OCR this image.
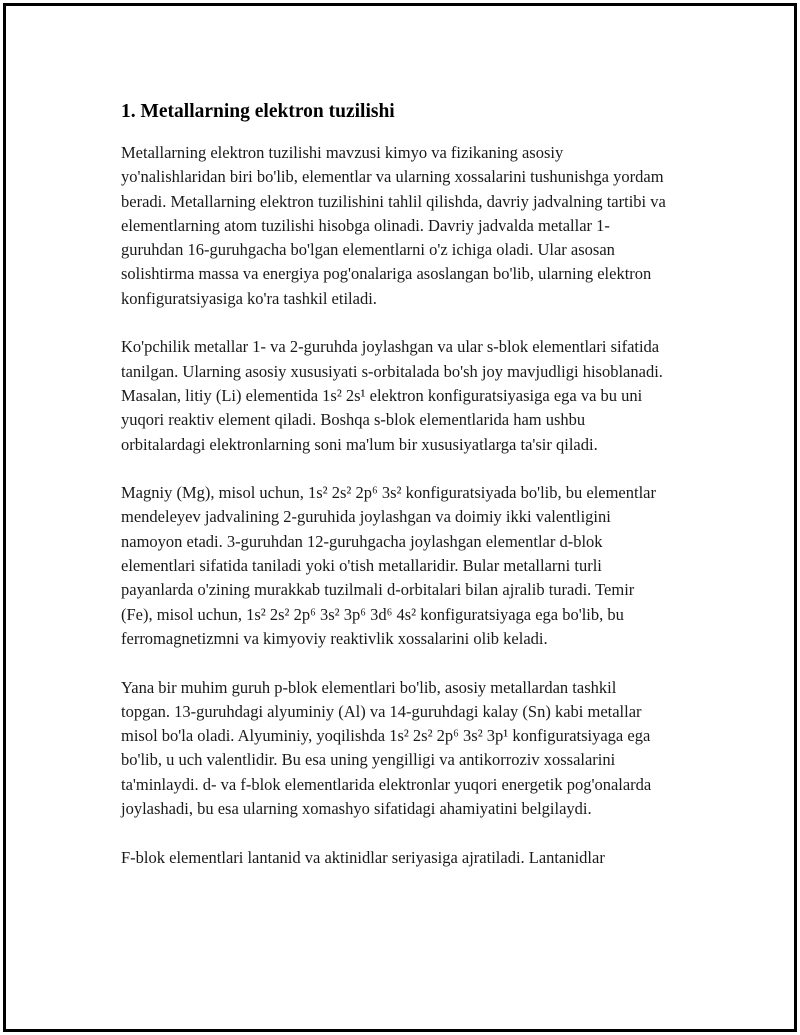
1. Metallarning elektron tuzilishi

Metallarning elektron tuzilishi mavzusi kimyo va fizikaning asosiy yo'nalishlaridan biri bo'lib, elementlar va ularning xossalarini tushunishga yordam beradi. Metallarning elektron tuzilishini tahlil qilishda, davriy jadvalning tartibi va elementlarning atom tuzilishi hisobga olinadi. Davriy jadvalda metallar 1-guruhdan 16-guruhgacha bo'lgan elementlarni o'z ichiga oladi. Ular asosan solishtirma massa va energiya pog'onalariga asoslangan bo'lib, ularning elektron konfiguratsiyasiga ko'ra tashkil etiladi.

Ko'pchilik metallar 1- va 2-guruhda joylashgan va ular s-blok elementlari sifatida tanilgan. Ularning asosiy xususiyati s-orbitalada bo'sh joy mavjudligi hisoblanadi. Masalan, litiy (Li) elementida 1s² 2s¹ elektron konfiguratsiyasiga ega va bu uni yuqori reaktiv element qiladi. Boshqa s-blok elementlarida ham ushbu orbitalardagi elektronlarning soni ma'lum bir xususiyatlarga ta'sir qiladi.

Magniy (Mg), misol uchun, 1s² 2s² 2p⁶ 3s² konfiguratsiyada bo'lib, bu elementlar mendeleyev jadvalining 2-guruhida joylashgan va doimiy ikki valentligini namoyon etadi. 3-guruhdan 12-guruhgacha joylashgan elementlar d-blok elementlari sifatida taniladi yoki o'tish metallaridir. Bular metallarni turli payanlarda o'zining murakkab tuzilmali d-orbitalari bilan ajralib turadi. Temir (Fe), misol uchun, 1s² 2s² 2p⁶ 3s² 3p⁶ 3d⁶ 4s² konfiguratsiyaga ega bo'lib, bu ferromagnetizmni va kimyoviy reaktivlik xossalarini olib keladi.

Yana bir muhim guruh p-blok elementlari bo'lib, asosiy metallardan tashkil topgan. 13-guruhdagi alyuminiy (Al) va 14-guruhdagi kalay (Sn) kabi metallar misol bo'la oladi. Alyuminiy, yoqilishda 1s² 2s² 2p⁶ 3s² 3p¹ konfiguratsiyaga ega bo'lib, u uch valentlidir. Bu esa uning yengilligi va antikorroziv xossalarini ta'minlaydi. d- va f-blok elementlarida elektronlar yuqori energetik pog'onalarda joylashadi, bu esa ularning xomashyo sifatidagi ahamiyatini belgilaydi.

F-blok elementlari lantanid va aktinidlar seriyasiga ajratiladi. Lantanidlar
